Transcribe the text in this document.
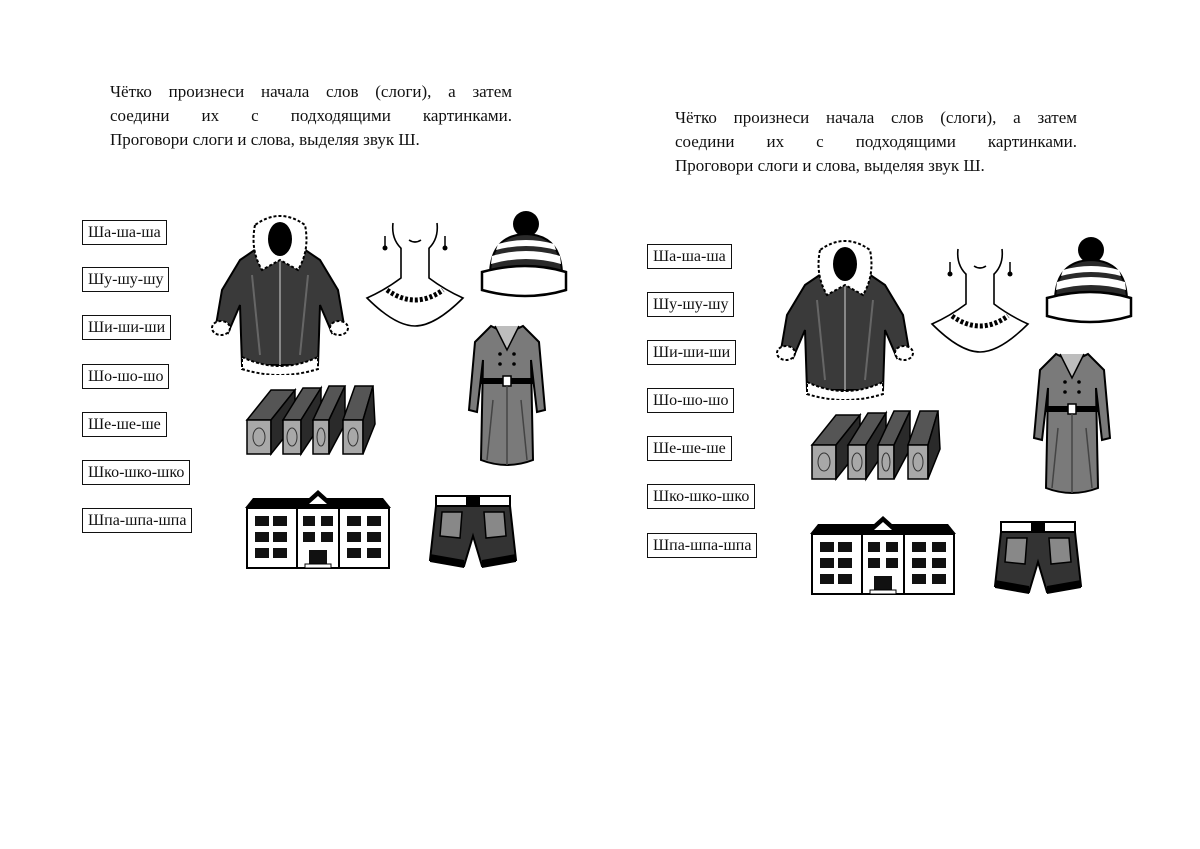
Чётко произнеси начала слов (слоги), а затем
соедини их с подходящими картинками.
Проговори слоги и слова, выделяя звук Ш.
Ша-ша-ша
Шу-шу-шу
Ши-ши-ши
Шо-шо-шо
Ше-ше-ше
Шко-шко-шко
Шпа-шпа-шпа
Чётко произнеси начала слов (слоги), а затем
соедини их с подходящими картинками.
Проговори слоги и слова, выделяя звук Ш.
Ша-ша-ша
Шу-шу-шу
Ши-ши-ши
Шо-шо-шо
Ше-ше-ше
Шко-шко-шко
Шпа-шпа-шпа
